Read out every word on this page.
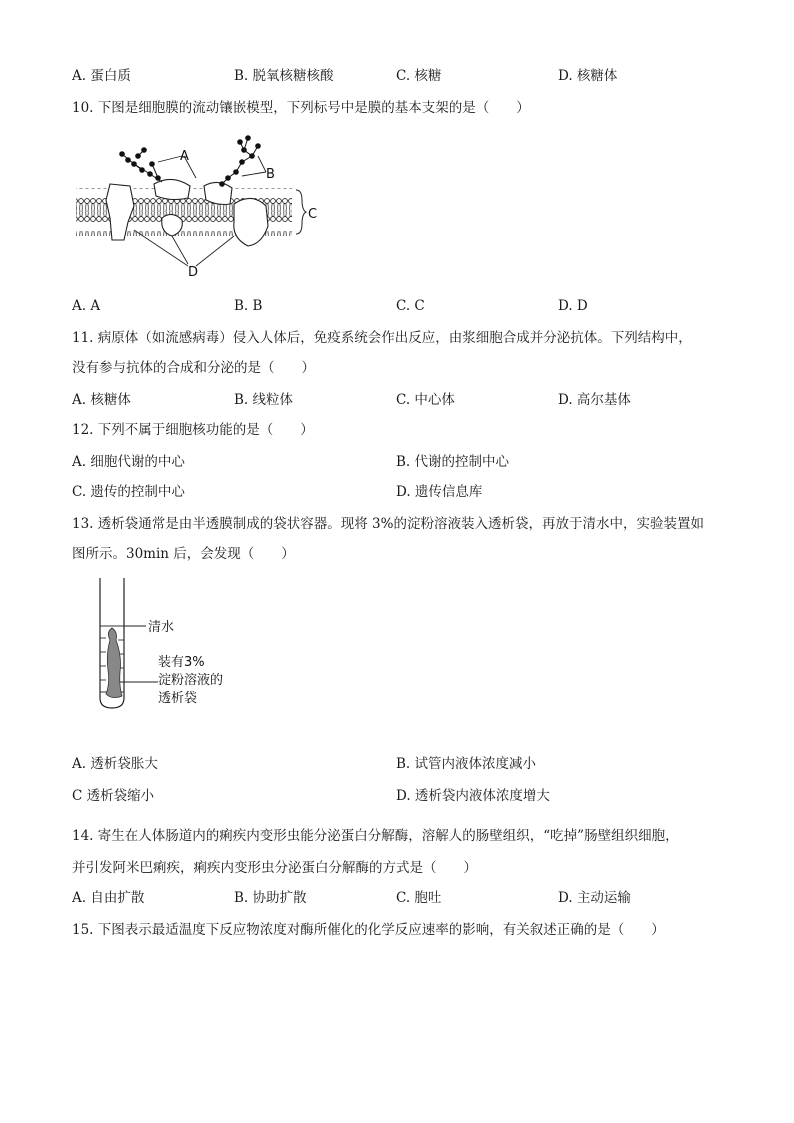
A. 蛋白质	B. 脱氧核糖核酸	C. 核糖	D. 核糖体
10. 下图是细胞膜的流动镶嵌模型，下列标号中是膜的基本支架的是（　　）
A
B
C
D
A. A	B. B	C. C	D. D
11. 病原体（如流感病毒）侵入人体后，免疫系统会作出反应，由浆细胞合成并分泌抗体。下列结构中，
没有参与抗体的合成和分泌的是（　　）
A. 核糖体	B. 线粒体	C. 中心体	D. 高尔基体
12. 下列不属于细胞核功能的是（　　）
A. 细胞代谢的中心	B. 代谢的控制中心
C. 遗传的控制中心	D. 遗传信息库
13. 透析袋通常是由半透膜制成的袋状容器。现将 3%的淀粉溶液装入透析袋，再放于清水中，实验装置如
图所示。30min 后，会发现（　　）
清水
装有3%
淀粉溶液的
透析袋
A. 透析袋胀大	B. 试管内液体浓度减小
C 透析袋缩小	D. 透析袋内液体浓度增大
14. 寄生在人体肠道内的痢疾内变形虫能分泌蛋白分解酶，溶解人的肠壁组织，“吃掉”肠壁组织细胞，
并引发阿米巴痢疾，痢疾内变形虫分泌蛋白分解酶的方式是（　　）
A. 自由扩散	B. 协助扩散	C. 胞吐	D. 主动运输
15. 下图表示最适温度下反应物浓度对酶所催化的化学反应速率的影响，有关叙述正确的是（　　）
